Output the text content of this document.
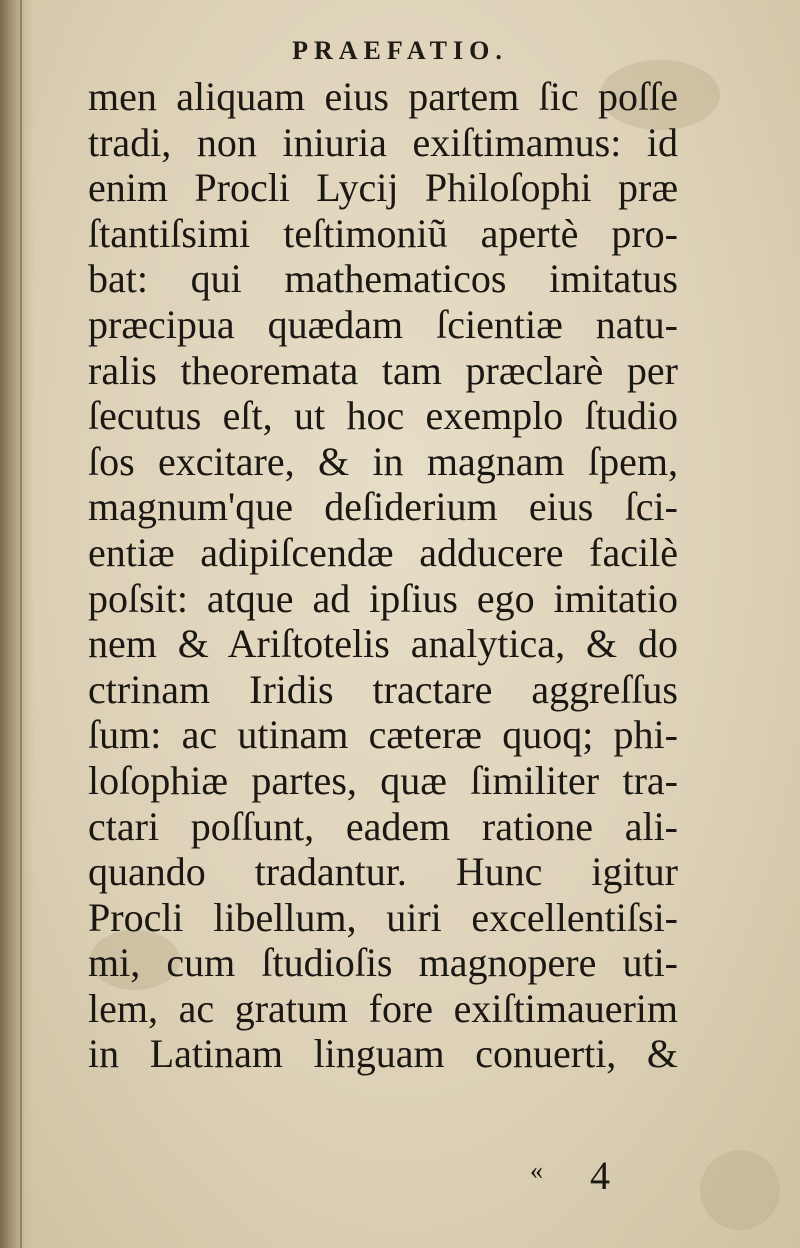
PRAEFATIO.
men aliquam eius partem ſic poſſe
tradi, non iniuria exiſtimamus: id
enim Procli Lycij Philoſophi præ
ſtantiſsimi teſtimoniũ apertè pro-
bat: qui mathematicos imitatus
præcipua quædam ſcientiæ natu-
ralis theoremata tam præclarè per
ſecutus eſt, ut hoc exemplo ſtudio
ſos excitare, & in magnam ſpem,
magnum'que deſiderium eius ſci-
entiæ adipiſcendæ adducere facilè
poſsit: atque ad ipſius ego imitatio
nem & Ariſtotelis analytica, & do
ctrinam Iridis tractare aggreſſus
ſum: ac utinam cæteræ quoq; phi-
loſophiæ partes, quæ ſimiliter tra-
ctari poſſunt, eadem ratione ali-
quando tradantur. Hunc igitur
Procli libellum, uiri excellentiſsi-
mi, cum ſtudioſis magnopere uti-
lem, ac gratum fore exiſtimauerim
in Latinam linguam conuerti, &
« 4
